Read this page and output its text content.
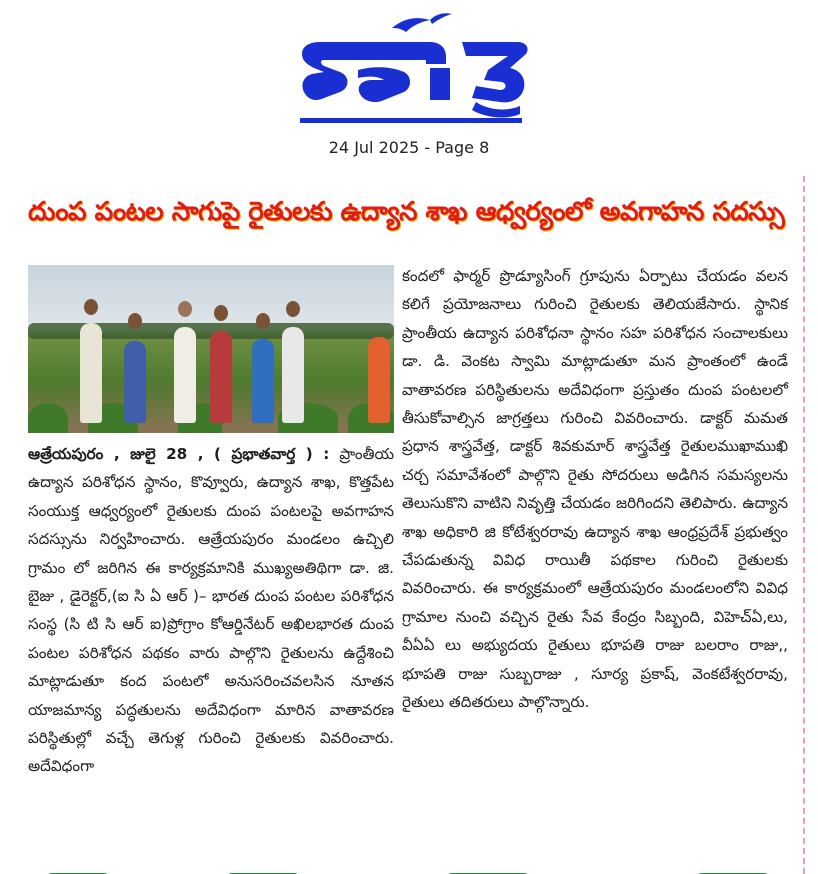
24 Jul 2025 - Page 8
దుంప పంటల సాగుపై రైతులకు ఉద్యాన శాఖ ఆధ్వర్యంలో అవగాహన సదస్సు
ఆత్రేయపురం , జులై 28 , ( ప్రభాతవార్త ) : ప్రాంతీయ ఉద్యాన పరిశోధన స్థానం, కొవ్వూరు, ఉద్యాన శాఖ, కొత్తపేట సంయుక్త ఆధ్వర్యంలో రైతులకు దుంప పంటలపై అవగాహన సదస్సును నిర్వహించారు. ఆత్రేయపురం మండలం ఉచ్చిలి గ్రామం లో జరిగిన ఈ కార్యక్రమానికి ముఖ్యఅతిథిగా డా. జి. బైజు , డైరెక్టర్,(ఐ సి ఏ ఆర్ )– భారత దుంప పంటల పరిశోధన సంస్థ (సి టి సి ఆర్ ఐ)ప్రోగ్రాం కోఆర్డినేటర్ అఖిలభారత దుంప పంటల పరిశోధన పథకం వారు పాల్గొని రైతులను ఉద్దేశించి మాట్లాడుతూ కంద పంటలో అనుసరించవలసిన నూతన యాజమాన్య పద్ధతులను అదేవిధంగా మారిన వాతావరణ పరిస్థితుల్లో వచ్చే తెగుళ్ల గురించి రైతులకు వివరించారు. అదేవిధంగా
కందలో ఫార్మర్ ప్రొడ్యూసింగ్ గ్రూపును ఏర్పాటు చేయడం వలన కలిగే ప్రయోజనాలు గురించి రైతులకు తెలియజేసారు. స్థానిక ప్రాంతీయ ఉద్యాన పరిశోధనా స్థానం సహ పరిశోధన సంచాలకులు డా. డి. వెంకట స్వామి మాట్లాడుతూ మన ప్రాంతంలో ఉండే వాతావరణ పరిస్థితులను అదేవిధంగా ప్రస్తుతం దుంప పంటలలో తీసుకోవాల్సిన జాగ్రత్తలు గురించి వివరించారు. డాక్టర్ మమత ప్రధాన శాస్త్రవేత్త, డాక్టర్ శివకుమార్ శాస్త్రవేత్త రైతులముఖాముఖి చర్చ సమావేశంలో పాల్గొని రైతు సోదరులు అడిగిన సమస్యలను తెలుసుకొని వాటిని నివృత్తి చేయడం జరిగిందని తెలిపారు. ఉద్యాన శాఖ అధికారి జి కోటేశ్వరరావు ఉద్యాన శాఖ ఆంధ్రప్రదేశ్ ప్రభుత్వం చేపడుతున్న వివిధ రాయితీ పథకాల గురించి రైతులకు వివరించారు. ఈ కార్యక్రమంలో ఆత్రేయపురం మండలంలోని వివిధ గ్రామాల నుంచి వచ్చిన రైతు సేవ కేంద్రం సిబ్బంది, విహెచ్ఏ,లు, వీఏఏ లు అభ్యుదయ రైతులు భూపతి రాజు బలరాం రాజు,, భూపతి రాజు సుబ్బరాజు , సూర్య ప్రకాష్, వెంకటేశ్వరరావు, రైతులు తదితరులు పాల్గొన్నారు.
